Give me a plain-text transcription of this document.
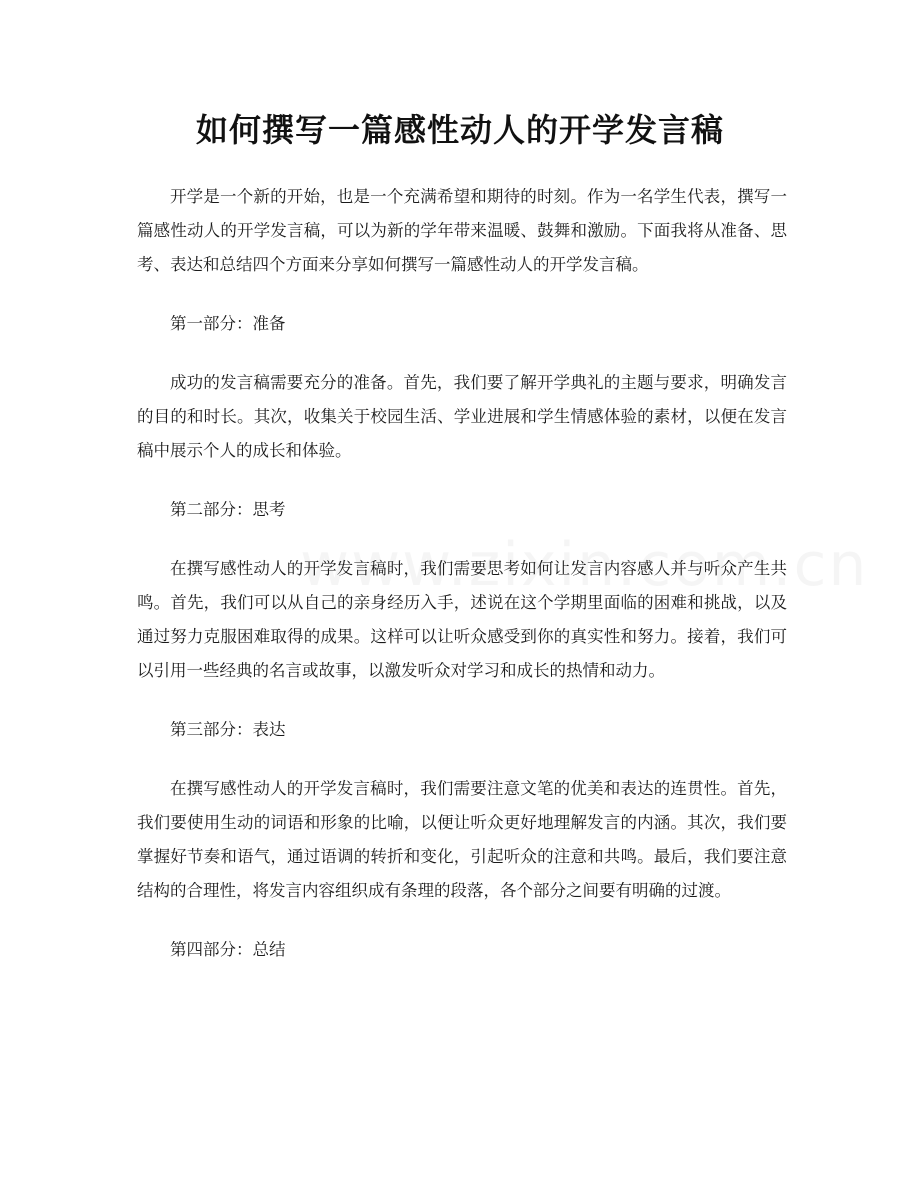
如何撰写一篇感性动人的开学发言稿

开学是一个新的开始，也是一个充满希望和期待的时刻。作为一名学生代表，撰写一篇感性动人的开学发言稿，可以为新的学年带来温暖、鼓舞和激励。下面我将从准备、思考、表达和总结四个方面来分享如何撰写一篇感性动人的开学发言稿。

第一部分：准备

成功的发言稿需要充分的准备。首先，我们要了解开学典礼的主题与要求，明确发言的目的和时长。其次，收集关于校园生活、学业进展和学生情感体验的素材，以便在发言稿中展示个人的成长和体验。

第二部分：思考

在撰写感性动人的开学发言稿时，我们需要思考如何让发言内容感人并与听众产生共鸣。首先，我们可以从自己的亲身经历入手，述说在这个学期里面临的困难和挑战，以及通过努力克服困难取得的成果。这样可以让听众感受到你的真实性和努力。接着，我们可以引用一些经典的名言或故事，以激发听众对学习和成长的热情和动力。

第三部分：表达

在撰写感性动人的开学发言稿时，我们需要注意文笔的优美和表达的连贯性。首先，我们要使用生动的词语和形象的比喻，以便让听众更好地理解发言的内涵。其次，我们要掌握好节奏和语气，通过语调的转折和变化，引起听众的注意和共鸣。最后，我们要注意结构的合理性，将发言内容组织成有条理的段落，各个部分之间要有明确的过渡。

第四部分：总结
